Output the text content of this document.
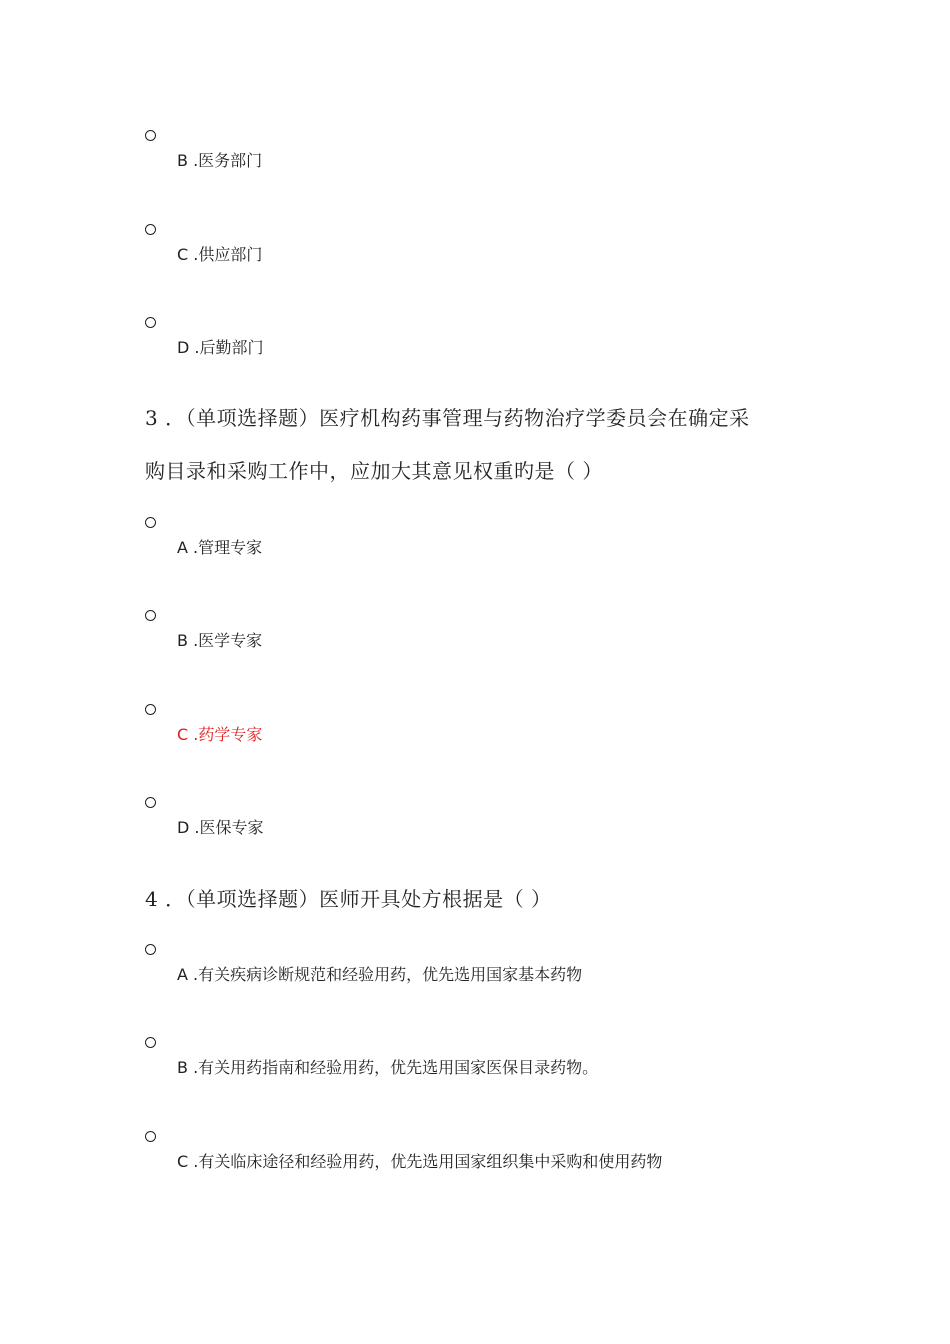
B .医务部门
C .供应部门
D .后勤部门
3 ．（单项选择题）医疗机构药事管理与药物治疗学委员会在确定采
购目录和采购工作中，应加大其意见权重旳是（ ）
A .管理专家
B .医学专家
C .药学专家
D .医保专家
4 ．（单项选择题）医师开具处方根据是（ ）
A .有关疾病诊断规范和经验用药，优先选用国家基本药物
B .有关用药指南和经验用药，优先选用国家医保目录药物。
C .有关临床途径和经验用药，优先选用国家组织集中采购和使用药物
